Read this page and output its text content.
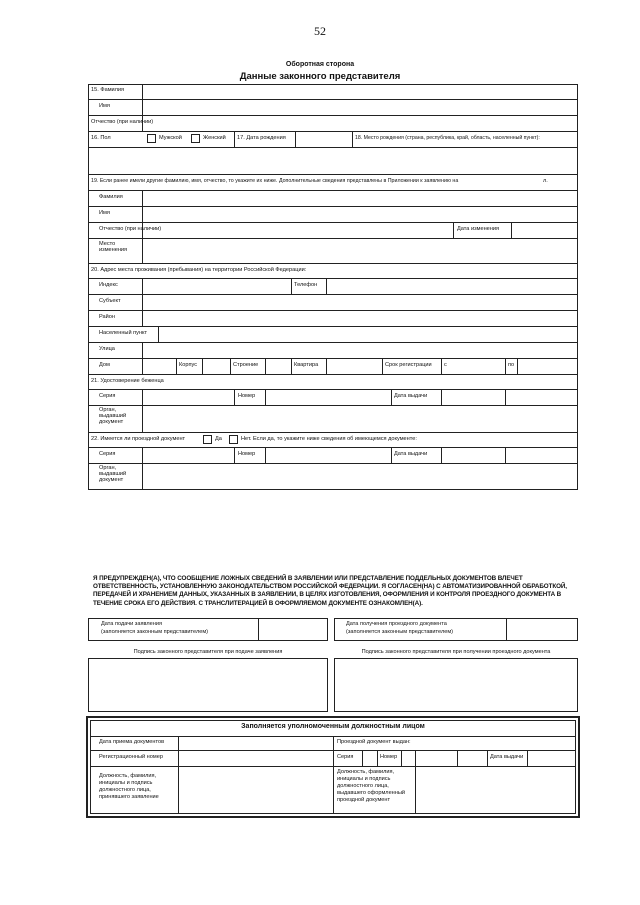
52
Оборотная сторона
Данные законного представителя
15. Фамилия
Имя
Отчество (при наличии)
16. Пол	Мужской	Женский 17. Дата рождения	18. Место рождения (страна, республика, край, область, населенный пункт):
19. Если ранее имели другие фамилию, имя, отчество, то укажите их ниже. Дополнительные сведения представлены в Приложении к заявлению на	л.
Фамилия
Имя
Отчество (при наличии)	Дата изменения
Место изменения
20. Адрес места проживания (пребывания) на территории Российской Федерации:
Индекс	Телефон
Субъект
Район
Населенный пункт
Улица
Дом	Корпус	Строение	Квартира	Срок регистрации с	по
21. Удостоверение беженца
Серия	Номер	Дата выдачи
Орган, выдавший документ
22. Имеется ли проездной документ	Да	Нет. Если да, то укажите ниже сведения об имеющемся документе:
Серия	Номер	Дата выдачи
Орган, выдавший документ
Я ПРЕДУПРЕЖДЕН(А), ЧТО СООБЩЕНИЕ ЛОЖНЫХ СВЕДЕНИЙ В ЗАЯВЛЕНИИ ИЛИ ПРЕДСТАВЛЕНИЕ ПОДДЕЛЬНЫХ ДОКУМЕНТОВ ВЛЕЧЕТ ОТВЕТСТВЕННОСТЬ, УСТАНОВЛЕННУЮ ЗАКОНОДАТЕЛЬСТВОМ РОССИЙСКОЙ ФЕДЕРАЦИИ. Я СОГЛАСЕН(НА) С АВТОМАТИЗИРОВАННОЙ ОБРАБОТКОЙ, ПЕРЕДАЧЕЙ И ХРАНЕНИЕМ ДАННЫХ, УКАЗАННЫХ В ЗАЯВЛЕНИИ, В ЦЕЛЯХ ИЗГОТОВЛЕНИЯ, ОФОРМЛЕНИЯ И КОНТРОЛЯ ПРОЕЗДНОГО ДОКУМЕНТА В ТЕЧЕНИЕ СРОКА ЕГО ДЕЙСТВИЯ. С ТРАНСЛИТЕРАЦИЕЙ В ОФОРМЛЯЕМОМ ДОКУМЕНТЕ ОЗНАКОМЛЕН(А).
Дата подачи заявления
(заполняется законным представителем)
Дата получения проездного документа
(заполняется законным представителем)
Подпись законного представителя при подаче заявления	Подпись законного представителя при получении проездного документа
Заполняется уполномоченным должностным лицом
Дата приема документов	Проездной документ выдан:
Регистрационный номер	Серия	Номер	Дата выдачи
Должность, фамилия, инициалы и подпись должностного лица, принявшего заявление
Должность, фамилия, инициалы и подпись должностного лица, выдавшего оформленный проездной документ
